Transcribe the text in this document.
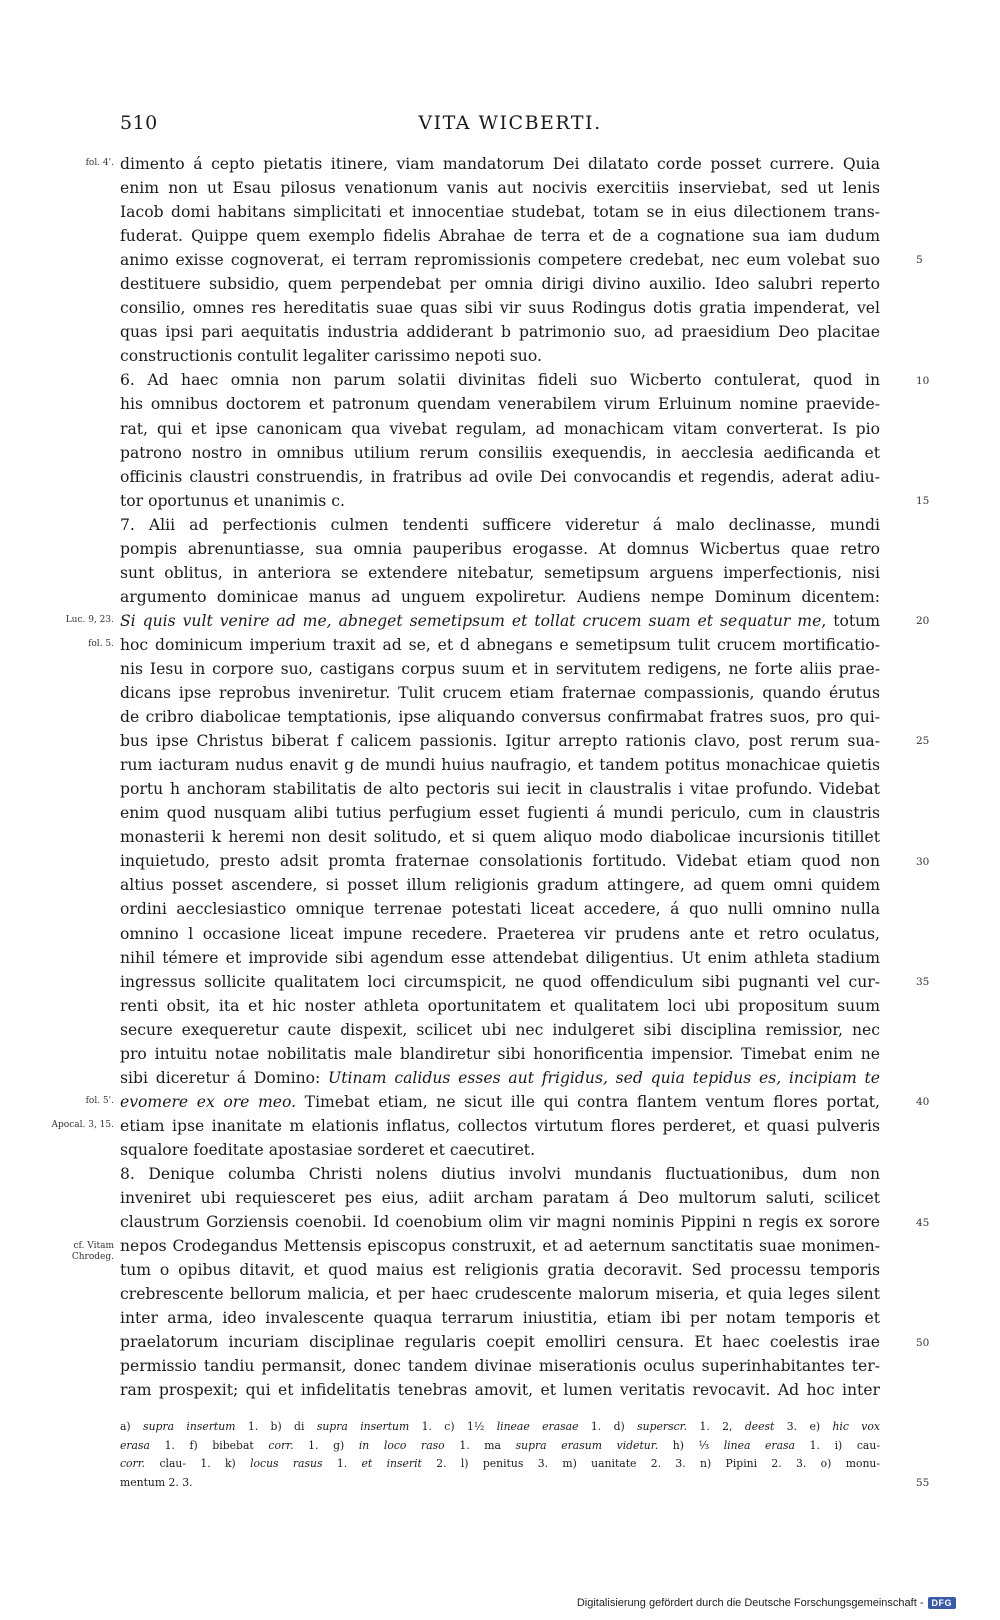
510	VITA WICBERTI.
dimento á cepto pietatis itinere, viam mandatorum Dei dilatato corde posset currere. Quia
enim non ut Esau pilosus venationum vanis aut nocivis exercitiis inserviebat, sed ut lenis
Iacob domi habitans simplicitati et innocentiae studebat, totam se in eius dilectionem trans-
fuderat. Quippe quem exemplo fidelis Abrahae de terra et de a cognatione sua iam dudum
animo exisse cognoverat, ei terram repromissionis competere credebat, nec eum volebat suo
destituere subsidio, quem perpendebat per omnia dirigi divino auxilio. Ideo salubri reperto
consilio, omnes res hereditatis suae quas sibi vir suus Rodingus dotis gratia impenderat, vel
quas ipsi pari aequitatis industria addiderant b patrimonio suo, ad praesidium Deo placitae
constructionis contulit legaliter carissimo nepoti suo.
6. Ad haec omnia non parum solatii divinitas fideli suo Wicberto contulerat, quod in
his omnibus doctorem et patronum quendam venerabilem virum Erluinum nomine praevide-
rat, qui et ipse canonicam qua vivebat regulam, ad monachicam vitam converterat. Is pio
patrono nostro in omnibus utilium rerum consiliis exequendis, in aecclesia aedificanda et
officinis claustri construendis, in fratribus ad ovile Dei convocandis et regendis, aderat adiu-
tor oportunus et unanimis c.
7. Alii ad perfectionis culmen tendenti sufficere videretur á malo declinasse, mundi
pompis abrenuntiasse, sua omnia pauperibus erogasse. At domnus Wicbertus quae retro
sunt oblitus, in anteriora se extendere nitebatur, semetipsum arguens imperfectionis, nisi
argumento dominicae manus ad unguem expoliretur. Audiens nempe Dominum dicentem:
Si quis vult venire ad me, abneget semetipsum et tollat crucem suam et sequatur me, totum
hoc dominicum imperium traxit ad se, et d abnegans e semetipsum tulit crucem mortificatio-
nis Iesu in corpore suo, castigans corpus suum et in servitutem redigens, ne forte aliis prae-
dicans ipse reprobus inveniretur. Tulit crucem etiam fraternae compassionis, quando érutus
de cribro diabolicae temptationis, ipse aliquando conversus confirmabat fratres suos, pro qui-
bus ipse Christus biberat f calicem passionis. Igitur arrepto rationis clavo, post rerum sua-
rum iacturam nudus enavit g de mundi huius naufragio, et tandem potitus monachicae quietis
portu h anchoram stabilitatis de alto pectoris sui iecit in claustralis i vitae profundo. Videbat
enim quod nusquam alibi tutius perfugium esset fugienti á mundi periculo, cum in claustris
monasterii k heremi non desit solitudo, et si quem aliquo modo diabolicae incursionis titillet
inquietudo, presto adsit promta fraternae consolationis fortitudo. Videbat etiam quod non
altius posset ascendere, si posset illum religionis gradum attingere, ad quem omni quidem
ordini aecclesiastico omnique terrenae potestati liceat accedere, á quo nulli omnino nulla
omnino l occasione liceat impune recedere. Praeterea vir prudens ante et retro oculatus,
nihil témere et improvide sibi agendum esse attendebat diligentius. Ut enim athleta stadium
ingressus sollicite qualitatem loci circumspicit, ne quod offendiculum sibi pugnanti vel cur-
renti obsit, ita et hic noster athleta oportunitatem et qualitatem loci ubi propositum suum
secure exequeretur caute dispexit, scilicet ubi nec indulgeret sibi disciplina remissior, nec
pro intuitu notae nobilitatis male blandiretur sibi honorificentia impensior. Timebat enim ne
sibi diceretur á Domino: Utinam calidus esses aut frigidus, sed quia tepidus es, incipiam te
evomere ex ore meo. Timebat etiam, ne sicut ille qui contra flantem ventum flores portat,
etiam ipse inanitate m elationis inflatus, collectos virtutum flores perderet, et quasi pulveris
squalore foeditate apostasiae sorderet et caecutiret.
8. Denique columba Christi nolens diutius involvi mundanis fluctuationibus, dum non
inveniret ubi requiesceret pes eius, adiit archam paratam á Deo multorum saluti, scilicet
claustrum Gorziensis coenobii. Id coenobium olim vir magni nominis Pippini n regis ex sorore
nepos Crodegandus Mettensis episcopus construxit, et ad aeternum sanctitatis suae monimen-
tum o opibus ditavit, et quod maius est religionis gratia decoravit. Sed processu temporis
crebrescente bellorum malicia, et per haec crudescente malorum miseria, et quia leges silent
inter arma, ideo invalescente quaqua terrarum iniustitia, etiam ibi per notam temporis et
praelatorum incuriam disciplinae regularis coepit emolliri censura. Et haec coelestis irae
permissio tandiu permansit, donec tandem divinae miserationis oculus superinhabitantes ter-
ram prospexit; qui et infidelitatis tenebras amovit, et lumen veritatis revocavit. Ad hoc inter
fol. 4'.
Luc. 9, 23.
fol. 5.
fol. 5'.
Apocal. 3, 15.
cf. Vitam Chrodeg.
5
10
15
20
25
30
35
40
45
50
55
a) supra insertum 1. b) di supra insertum 1. c) 1½ lineae erasae 1. d) superscr. 1. 2, deest 3. e) hic vox
erasa 1. f) bibebat corr. 1. g) in loco raso 1. ma supra erasum videtur. h) ⅓ linea erasa 1. i) cau-
corr. clau- 1. k) locus rasus 1. et inserit 2. l) penitus 3. m) uanitate 2. 3. n) Pipini 2. 3. o) monu-
mentum 2. 3.
Digitalisierung gefördert durch die Deutsche Forschungsgemeinschaft - DFG
